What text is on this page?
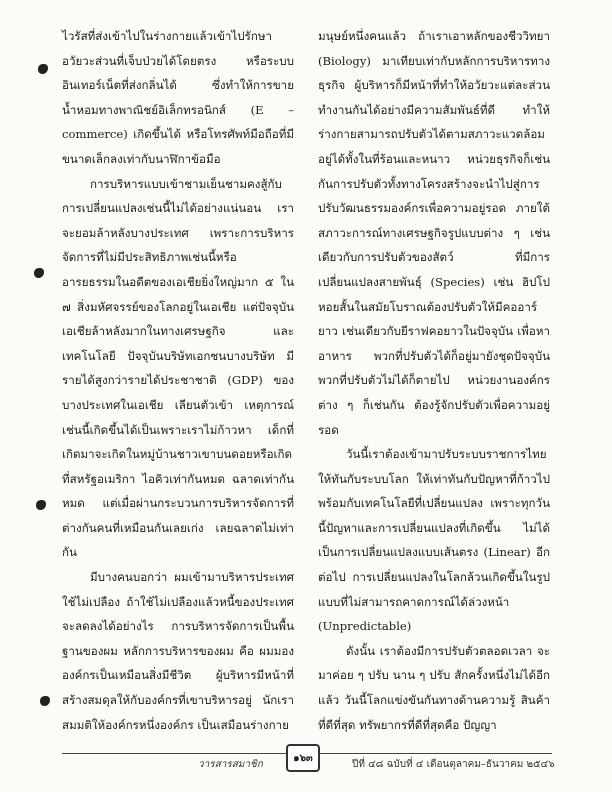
ไวรัสที่ส่งเข้าไปในร่างกายแล้วเข้าไปรักษาอวัยวะส่วนที่เจ็บป่วยได้โดยตรง หรือระบบอินเทอร์เน็ตที่ส่งกลิ่นได้ ซึ่งทำให้การขายน้ำหอมทางพาณิชย์อิเล็กทรอนิกส์ (E – commerce) เกิดขึ้นได้ หรือโทรศัพท์มือถือที่มีขนาดเล็กลงเท่ากับนาฬิกาข้อมือ

การบริหารแบบเข้าชามเย็นชามคงสู้กับการเปลี่ยนแปลงเช่นนี้ไม่ได้อย่างแน่นอน เราจะยอมล้าหลังบางประเทศ เพราะการบริหารจัดการที่ไม่มีประสิทธิภาพเช่นนี้หรือ อารยธรรมในอดีตของเอเชียยิ่งใหญ่มาก ๕ ใน ๗ สิ่งมหัศจรรย์ของโลกอยู่ในเอเชีย แต่ปัจจุบันเอเชียล้าหลังมากในทางเศรษฐกิจ และเทคโนโลยี ปัจจุบันบริษัทเอกชนบางบริษัท มีรายได้สูงกว่ารายได้ประชาชาติ (GDP) ของบางประเทศในเอเชีย เลียนตัวเข้า เหตุการณ์เช่นนี้เกิดขึ้นได้เป็นเพราะเราไม่ก้าวหา เด็กที่เกิดมาจะเกิดในหมู่บ้านชาวเขาบนดอยหรือเกิดที่สหรัฐอเมริกา ไอคิวเท่ากันหมด ฉลาดเท่ากันหมด แต่เมื่อผ่านกระบวนการบริหารจัดการที่ต่างกันคนที่เหมือนกันเลยเก่ง เลยฉลาดไม่เท่ากัน

มีบางคนบอกว่า ผมเข้ามาบริหารประเทศใช้ไม่เปลือง ถ้าใช้ไม่เปลืองแล้วหนี้ของประเทศจะลดลงได้อย่างไร การบริหารจัดการเป็นพื้นฐานของผม หลักการบริหารของผม คือ ผมมององค์กรเป็นเหมือนสิ่งมีชีวิต ผู้บริหารมีหน้าที่สร้างสมดุลให้กับองค์กรที่เขาบริหารอยู่ นักเราสมมติให้องค์กรหนึ่งองค์กร เป็นเสมือนร่างกาย

มนุษย์หนึ่งคนแล้ว ถ้าเราเอาหลักของชีววิทยา (Biology) มาเทียบเท่ากับหลักการบริหารทางธุรกิจ ผู้บริหารก็มีหน้าที่ทำให้อวัยวะแต่ละส่วนทำงานกันได้อย่างมีความสัมพันธ์ที่ดี ทำให้ร่างกายสามารถปรับตัวได้ตามสภาวะแวดล้อมอยู่ได้ทั้งในที่ร้อนและหนาว หน่วยธุรกิจก็เช่นกันการปรับตัวทั้งทางโครงสร้างจะนำไปสู่การปรับวัฒนธรรมองค์กรเพื่อความอยู่รอด ภายใต้สภาวะการณ์ทางเศรษฐกิจรูปแบบต่าง ๆ เช่นเดียวกับการปรับตัวของสัตว์ ที่มีการเปลี่ยนแปลงสายพันธุ์ (Species) เช่น ฮิปโปหอยสั้นในสมัยโบราณต้องปรับตัวให้มีคออาร์ยาว เช่นเดียวกับยีราฟคอยาวในปัจจุบัน เพื่อหาอาหาร พวกที่ปรับตัวได้ก็อยู่มายังชุดปัจจุบัน พวกที่ปรับตัวไม่ได้ก็ตายไป หน่วยงานองค์กรต่าง ๆ ก็เช่นกัน ต้องรู้จักปรับตัวเพื่อความอยู่รอด

วันนี้เราต้องเข้ามาปรับระบบราชการไทยให้ทันกับระบบโลก ให้เท่าทันกับปัญหาที่ก้าวไปพร้อมกับเทคโนโลยีที่เปลี่ยนแปลง เพราะทุกวันนี้ปัญหาและการเปลี่ยนแปลงที่เกิดขึ้น ไม่ได้เป็นการเปลี่ยนแปลงแบบเส้นตรง (Linear) อีกต่อไป การเปลี่ยนแปลงในโลกล้วนเกิดขึ้นในรูปแบบที่ไม่สามารถคาดการณ์ได้ล่วงหน้า (Unpredictable)

ดังนั้น เราต้องมีการปรับตัวตลอดเวลา จะมาค่อย ๆ ปรับ นาน ๆ ปรับ สักครั้งหนึ่งไม่ได้อีกแล้ว วันนี้โลกแข่งขันกันทางด้านความรู้ สินค้าที่ดีที่สุด ทรัพยากรที่ดีที่สุดคือ ปัญญา

วารสารสมาชิก
๑๖๓
ปีที่ ๔๘ ฉบับที่ ๔ เดือนตุลาคม–ธันวาคม ๒๕๔๖
